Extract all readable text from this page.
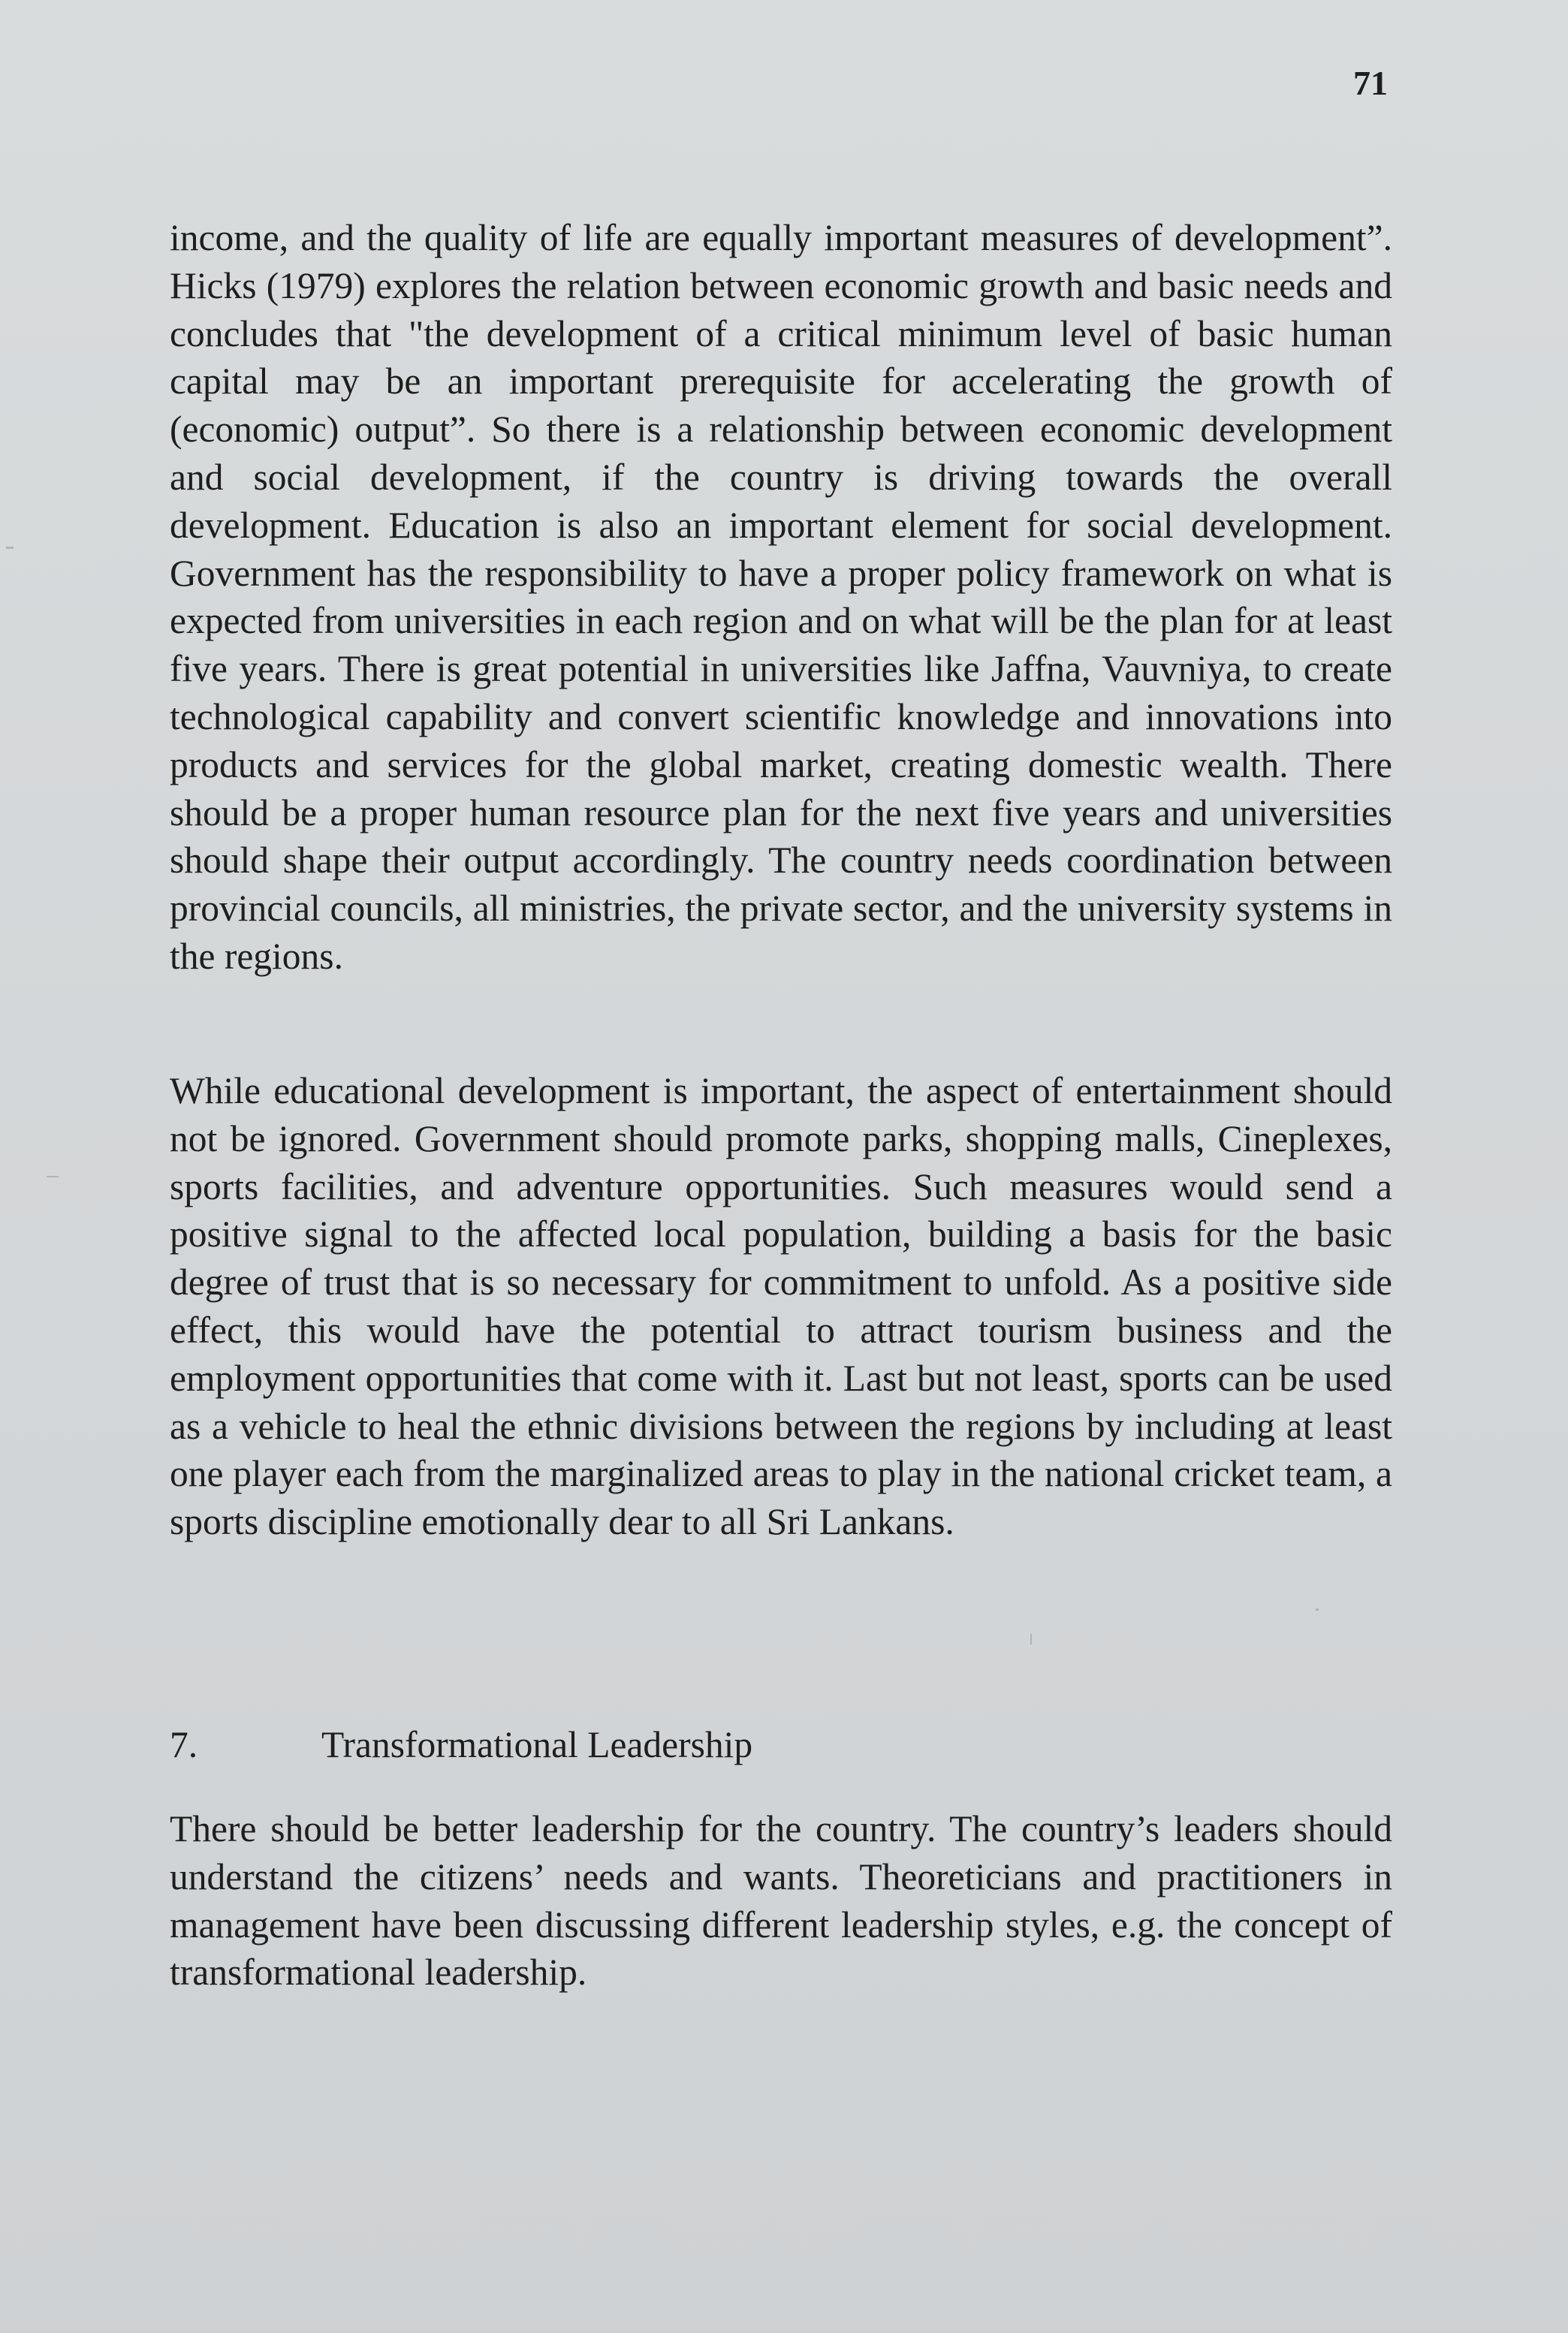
71

income, and the quality of life are equally important measures of development”. Hicks (1979) explores the relation between economic growth and basic needs and concludes that "the development of a critical minimum level of basic human capital may be an important prerequisite for accelerating the growth of (economic) output”. So there is a relationship between economic development and social development, if the country is driving towards the overall development. Education is also an important element for social development. Government has the responsibility to have a proper policy framework on what is expected from universities in each region and on what will be the plan for at least five years. There is great potential in universities like Jaffna, Vauvniya, to create technological capability and convert scientific knowledge and innovations into products and services for the global market, creating domestic wealth. There should be a proper human resource plan for the next five years and universities should shape their output accordingly. The country needs coordination between provincial councils, all ministries, the private sector, and the university systems in the regions.

While educational development is important, the aspect of entertainment should not be ignored. Government should promote parks, shopping malls, Cineplexes, sports facilities, and adventure opportunities. Such measures would send a positive signal to the affected local population, building a basis for the basic degree of trust that is so necessary for commitment to unfold. As a positive side effect, this would have the potential to attract tourism business and the employment opportunities that come with it. Last but not least, sports can be used as a vehicle to heal the ethnic divisions between the regions by including at least one player each from the marginalized areas to play in the national cricket team, a sports discipline emotionally dear to all Sri Lankans.

7.	Transformational Leadership

There should be better leadership for the country. The country’s leaders should understand the citizens’ needs and wants. Theoreticians and practitioners in management have been discussing different leadership styles, e.g. the concept of transformational leadership.
